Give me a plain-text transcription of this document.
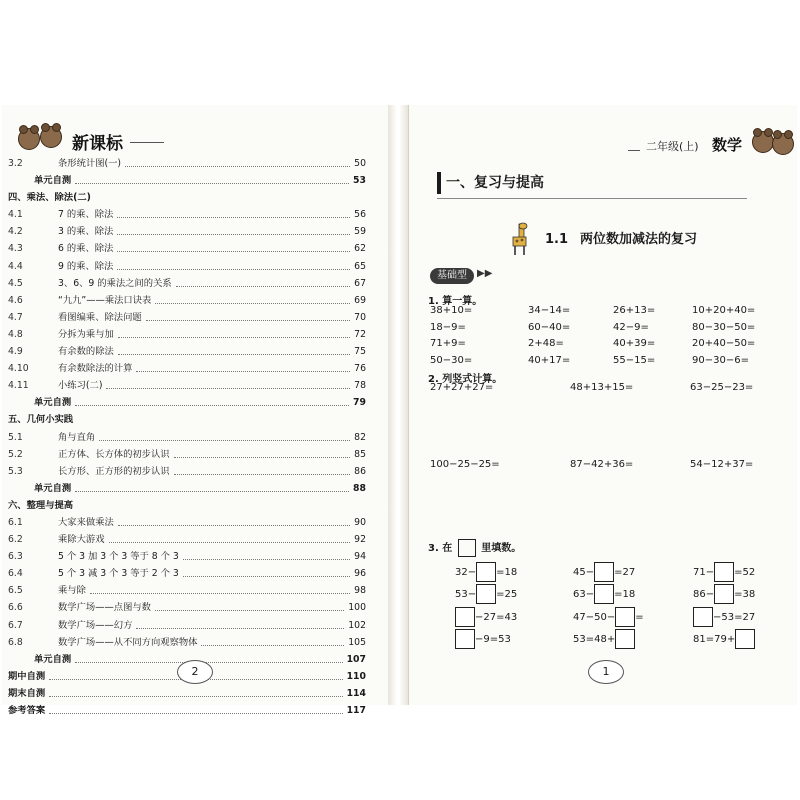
新课标
3.2	条形统计图(一)	50
单元自测	53
四、乘法、除法(二)
4.1	7 的乘、除法	56
4.2	3 的乘、除法	59
4.3	6 的乘、除法	62
4.4	9 的乘、除法	65
4.5	3、6、9 的乘法之间的关系	67
4.6	“九九”——乘法口诀表	69
4.7	看图编乘、除法问题	70
4.8	分拆为乘与加	72
4.9	有余数的除法	75
4.10	有余数除法的计算	76
4.11	小练习(二)	78
单元自测	79
五、几何小实践
5.1	角与直角	82
5.2	正方体、长方体的初步认识	85
5.3	长方形、正方形的初步认识	86
单元自测	88
六、整理与提高
6.1	大家来做乘法	90
6.2	乘除大游戏	92
6.3	5 个 3 加 3 个 3 等于 8 个 3	94
6.4	5 个 3 减 3 个 3 等于 2 个 3	96
6.5	乘与除	98
6.6	数学广场——点图与数	100
6.7	数学广场——幻方	102
6.8	数学广场——从不同方向观察物体	105
单元自测	107
期中自测	110
期末自测	114
参考答案	117
2
二年级(上) 数学
一、复习与提高
1.1 两位数加减法的复习
基础型	▶▶
1. 算一算。
38+10=	34−14=	26+13=	10+20+40=
18−9=	60−40=	42−9=	80−30−50=
71+9=	2+48=	40+39=	20+40−50=
50−30=	40+17=	55−15=	90−30−6=
2. 列竖式计算。
27+27+27=	48+13+15=	63−25−23=
100−25−25=	87−42+36=	54−12+37=
3. 在	里填数。
32− =18	45− =27	71− =52
53− =25	63− =18	86− =38
−27=43	47−50− =	−53=27
−9=53	53=48+	81=79+
1
